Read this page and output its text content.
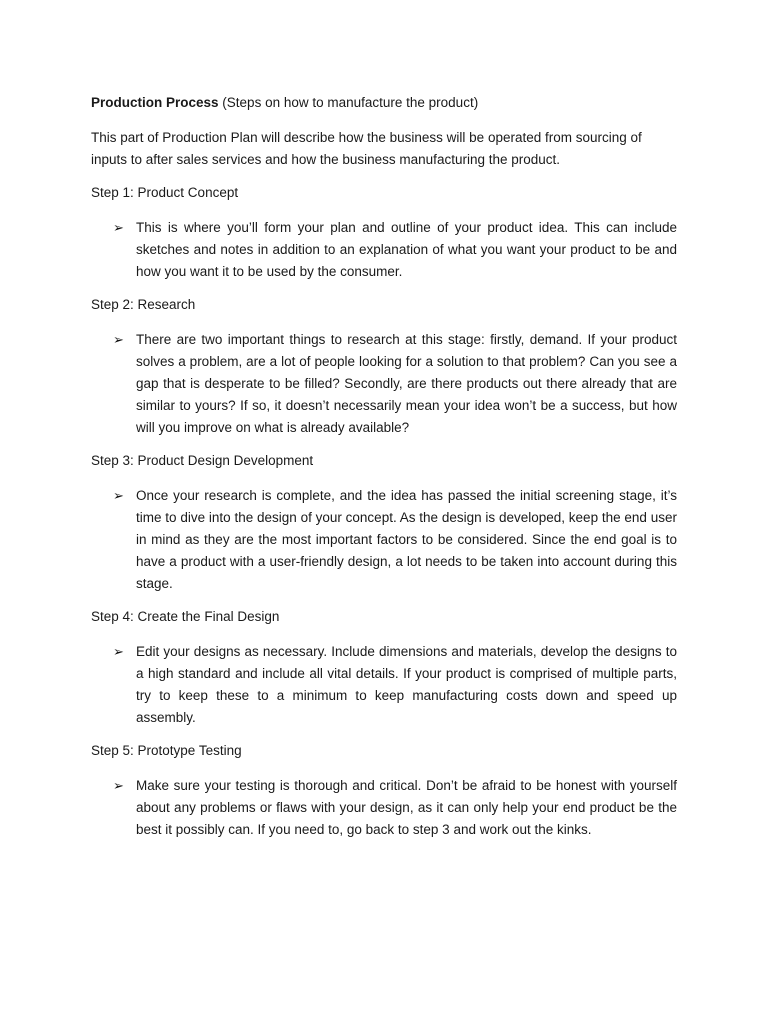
Production Process (Steps on how to manufacture the product)

This part of Production Plan will describe how the business will be operated from sourcing of inputs to after sales services and how the business manufacturing the product.

Step 1: Product Concept

➢ This is where you’ll form your plan and outline of your product idea. This can include sketches and notes in addition to an explanation of what you want your product to be and how you want it to be used by the consumer.

Step 2: Research

➢ There are two important things to research at this stage: firstly, demand. If your product solves a problem, are a lot of people looking for a solution to that problem? Can you see a gap that is desperate to be filled? Secondly, are there products out there already that are similar to yours? If so, it doesn’t necessarily mean your idea won’t be a success, but how will you improve on what is already available?

Step 3: Product Design Development

➢ Once your research is complete, and the idea has passed the initial screening stage, it’s time to dive into the design of your concept. As the design is developed, keep the end user in mind as they are the most important factors to be considered. Since the end goal is to have a product with a user-friendly design, a lot needs to be taken into account during this stage.

Step 4: Create the Final Design

➢ Edit your designs as necessary. Include dimensions and materials, develop the designs to a high standard and include all vital details. If your product is comprised of multiple parts, try to keep these to a minimum to keep manufacturing costs down and speed up assembly.

Step 5: Prototype Testing

➢ Make sure your testing is thorough and critical. Don’t be afraid to be honest with yourself about any problems or flaws with your design, as it can only help your end product be the best it possibly can. If you need to, go back to step 3 and work out the kinks.
